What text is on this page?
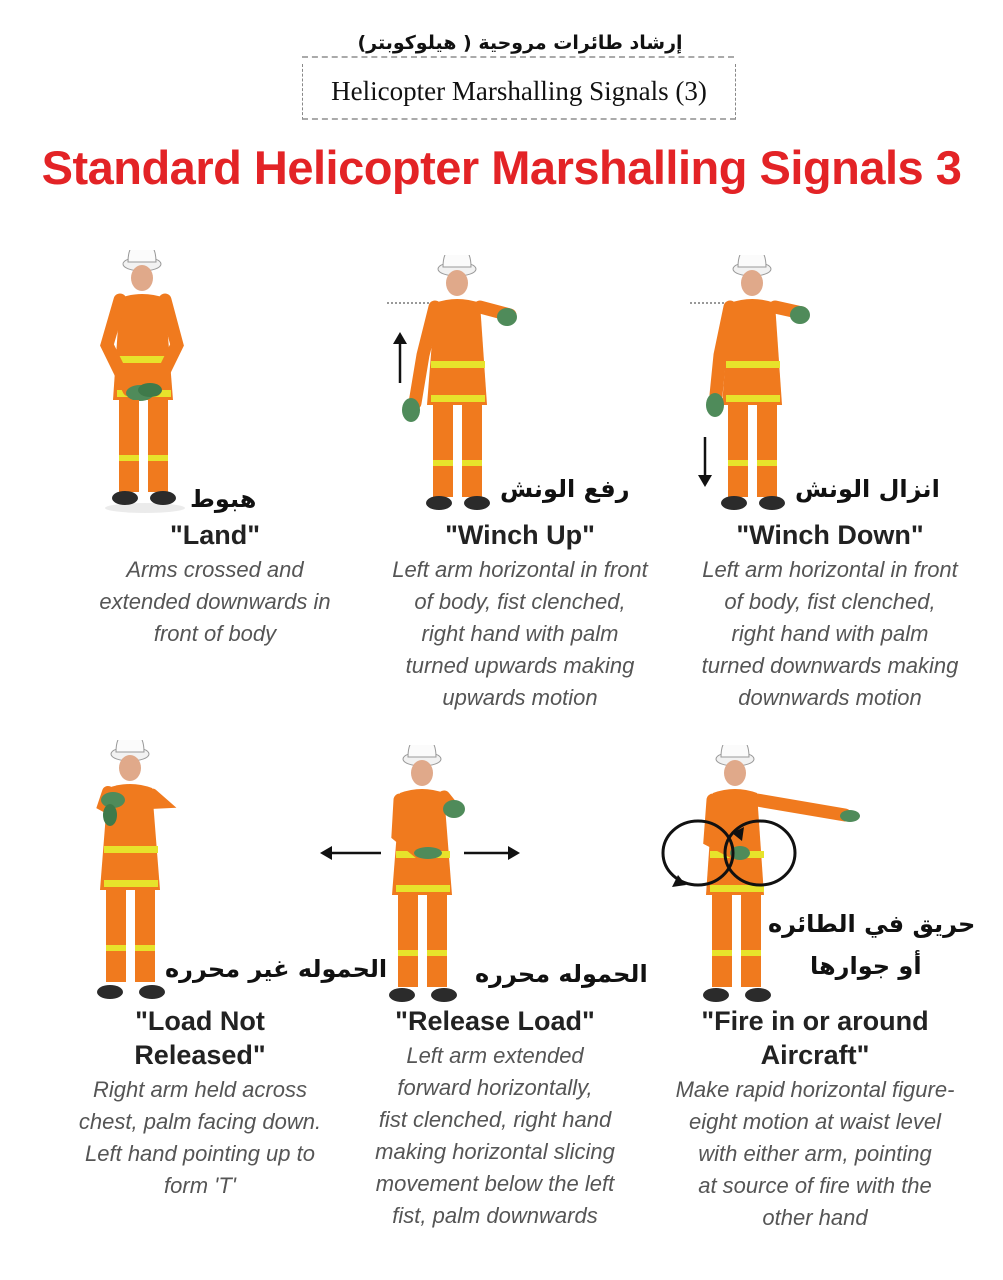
إرشاد طائرات مروحية ( هيلوكوبتر)
Helicopter Marshalling Signals (3)
Standard Helicopter Marshalling Signals 3
هبوط	رفع الونش	انزال الونش
"Land"
Arms crossed and
extended downwards in
front of body
"Winch Up"
Left arm horizontal in front
of body, fist clenched,
right hand with palm
turned upwards making
upwards motion
"Winch Down"
Left arm horizontal in front
of body, fist clenched,
right hand with palm
turned downwards making
downwards motion
الحموله غير محرره	الحموله محرره
حريق في الطائره
أو جوارها
"Load Not
Released"
Right arm held across
chest, palm facing down.
Left hand pointing up to
form 'T'
"Release Load"
Left arm extended
forward horizontally,
fist clenched, right hand
making horizontal slicing
movement below the left
fist, palm downwards
"Fire in or around
Aircraft"
Make rapid horizontal figure-
eight motion at waist level
with either arm, pointing
at source of fire with the
other hand
